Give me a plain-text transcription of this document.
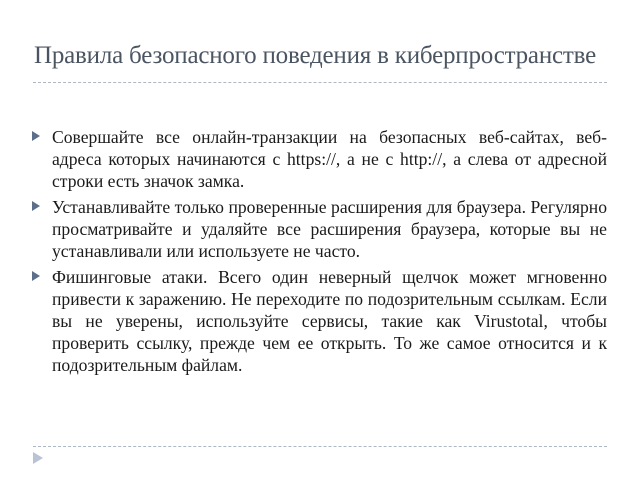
Правила безопасного поведения в киберпространстве
Совершайте все онлайн-транзакции на безопасных веб-сайтах, веб-адреса которых начинаются с https://, а не с http://, а слева от адресной строки есть значок замка.
Устанавливайте только проверенные расширения для браузера. Регулярно просматривайте и удаляйте все расширения браузера, которые вы не устанавливали или используете не часто.
Фишинговые атаки. Всего один неверный щелчок может мгновенно привести к заражению. Не переходите по подозрительным ссылкам. Если вы не уверены, используйте сервисы, такие как Virustotal, чтобы проверить ссылку, прежде чем ее открыть. То же самое относится и к подозрительным файлам.
